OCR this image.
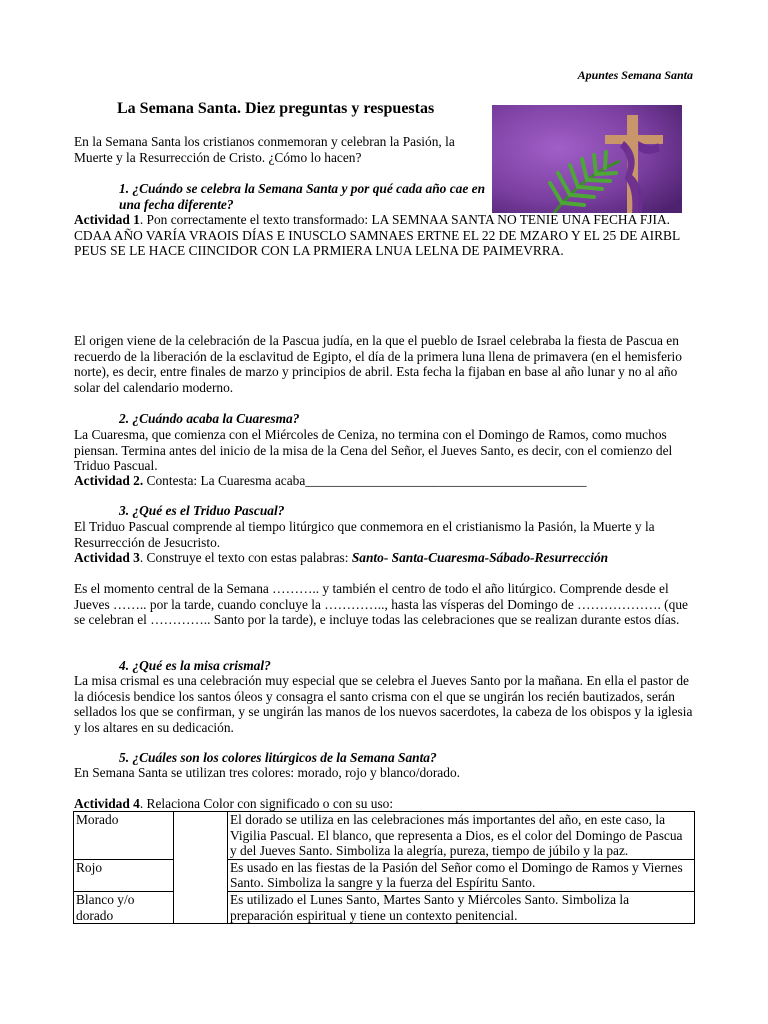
Apuntes Semana Santa
La Semana Santa. Diez preguntas y respuestas

En la Semana Santa los cristianos conmemoran y celebran la Pasión, la Muerte y la Resurrección de Cristo. ¿Cómo lo hacen?

1. ¿Cuándo se celebra la Semana Santa y por qué cada año cae en una fecha diferente?

Actividad 1. Pon correctamente el texto transformado: LA SEMNAA SANTA NO TENIE UNA FECHA FJIA. CDAA AÑO VARÍA VRAOIS DÍAS E INUSCLO SAMNAES ERTNE EL 22 DE MZARO Y EL 25 DE AIRBL PEUS SE LE HACE CIINCIDOR CON LA PRMIERA LNUA LELNA DE PAIMEVRRA.

El origen viene de la celebración de la Pascua judía, en la que el pueblo de Israel celebraba la fiesta de Pascua en recuerdo de la liberación de la esclavitud de Egipto, el día de la primera luna llena de primavera (en el hemisferio norte), es decir, entre finales de marzo y principios de abril. Esta fecha la fijaban en base al año lunar y no al año solar del calendario moderno.

2. ¿Cuándo acaba la Cuaresma?

La Cuaresma, que comienza con el Miércoles de Ceniza, no termina con el Domingo de Ramos, como muchos piensan. Termina antes del inicio de la misa de la Cena del Señor, el Jueves Santo, es decir, con el comienzo del Triduo Pascual.

Actividad 2. Contesta: La Cuaresma acaba__________________________________________

3. ¿Qué es el Triduo Pascual?

El Triduo Pascual comprende al tiempo litúrgico que conmemora en el cristianismo la Pasión, la Muerte y la Resurrección de Jesucristo.

Actividad 3. Construye el texto con estas palabras: Santo- Santa-Cuaresma-Sábado-Resurrección

Es el momento central de la Semana ……….. y también el centro de todo el año litúrgico. Comprende desde el Jueves …….. por la tarde, cuando concluye la ………….., hasta las vísperas del Domingo de ………………. (que se celebran el ………….. Santo por la tarde), e incluye todas las celebraciones que se realizan durante estos días.

4. ¿Qué es la misa crismal?

La misa crismal es una celebración muy especial que se celebra el Jueves Santo por la mañana. En ella el pastor de la diócesis bendice los santos óleos y consagra el santo crisma con el que se ungirán los recién bautizados, serán sellados los que se confirman, y se ungirán las manos de los nuevos sacerdotes, la cabeza de los obispos y la iglesia y los altares en su dedicación.

5. ¿Cuáles son los colores litúrgicos de la Semana Santa?

En Semana Santa se utilizan tres colores: morado, rojo y blanco/dorado.

Actividad 4. Relaciona Color con significado o con su uso:

Morado		El dorado se utiliza en las celebraciones más importantes del año, en este caso, la Vigilia Pascual. El blanco, que representa a Dios, es el color del Domingo de Pascua y del Jueves Santo. Simboliza la alegría, pureza, tiempo de júbilo y la paz.
Rojo		Es usado en las fiestas de la Pasión del Señor como el Domingo de Ramos y Viernes Santo. Simboliza la sangre y la fuerza del Espíritu Santo.
Blanco y/o dorado		Es utilizado el Lunes Santo, Martes Santo y Miércoles Santo. Simboliza la preparación espiritual y tiene un contexto penitencial.
